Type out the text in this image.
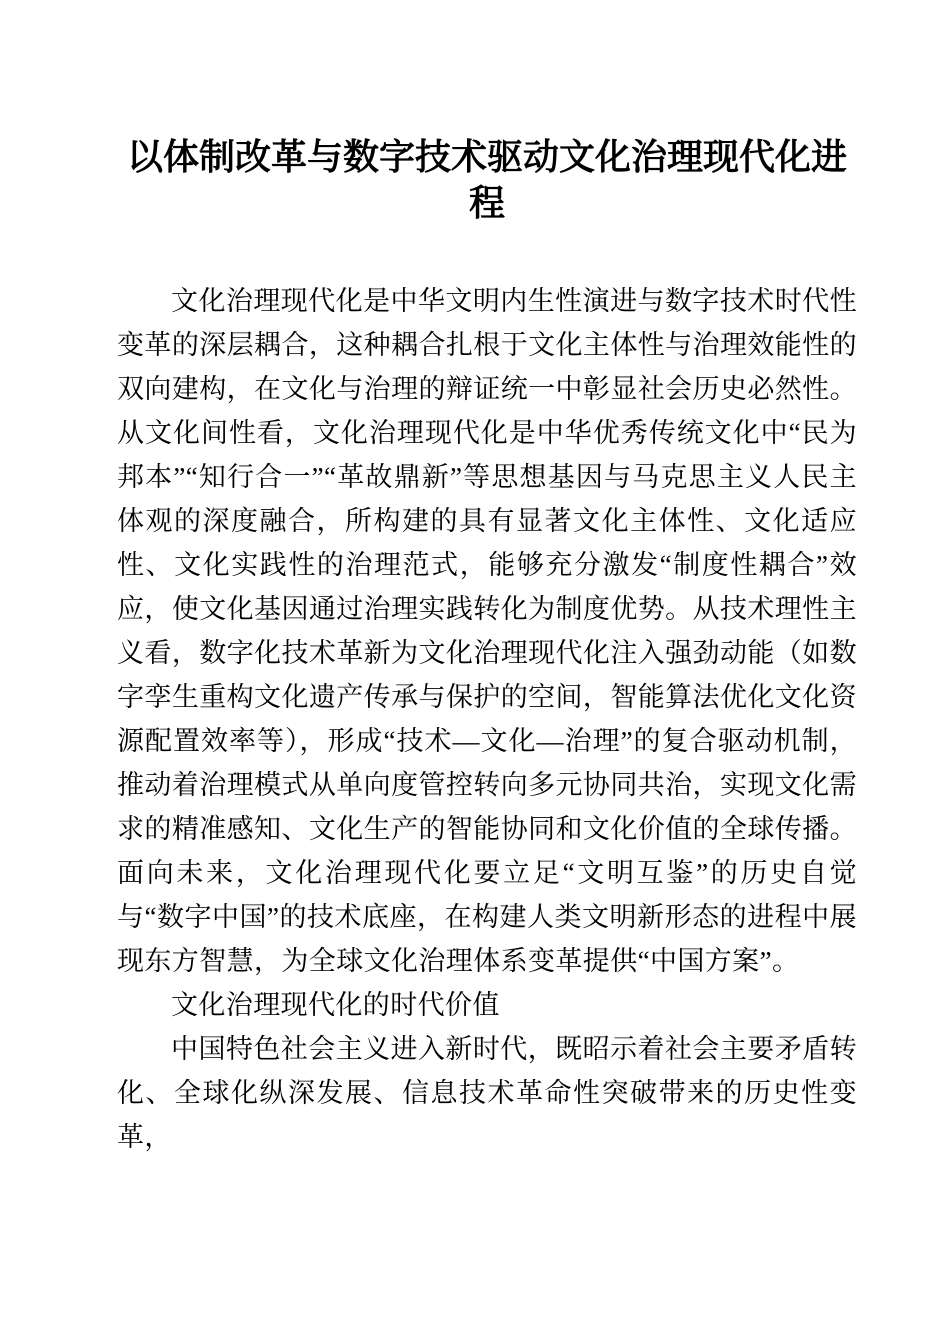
以体制改革与数字技术驱动文化治理现代化进程

文化治理现代化是中华文明内生性演进与数字技术时代性变革的深层耦合，这种耦合扎根于文化主体性与治理效能性的双向建构，在文化与治理的辩证统一中彰显社会历史必然性。从文化间性看，文化治理现代化是中华优秀传统文化中“民为邦本”“知行合一”“革故鼎新”等思想基因与马克思主义人民主体观的深度融合，所构建的具有显著文化主体性、文化适应性、文化实践性的治理范式，能够充分激发“制度性耦合”效应，使文化基因通过治理实践转化为制度优势。从技术理性主义看，数字化技术革新为文化治理现代化注入强劲动能（如数字孪生重构文化遗产传承与保护的空间，智能算法优化文化资源配置效率等），形成“技术—文化—治理”的复合驱动机制，推动着治理模式从单向度管控转向多元协同共治，实现文化需求的精准感知、文化生产的智能协同和文化价值的全球传播。面向未来，文化治理现代化要立足“文明互鉴”的历史自觉与“数字中国”的技术底座，在构建人类文明新形态的进程中展现东方智慧，为全球文化治理体系变革提供“中国方案”。

文化治理现代化的时代价值

中国特色社会主义进入新时代，既昭示着社会主要矛盾转化、全球化纵深发展、信息技术革命性突破带来的历史性变革，
